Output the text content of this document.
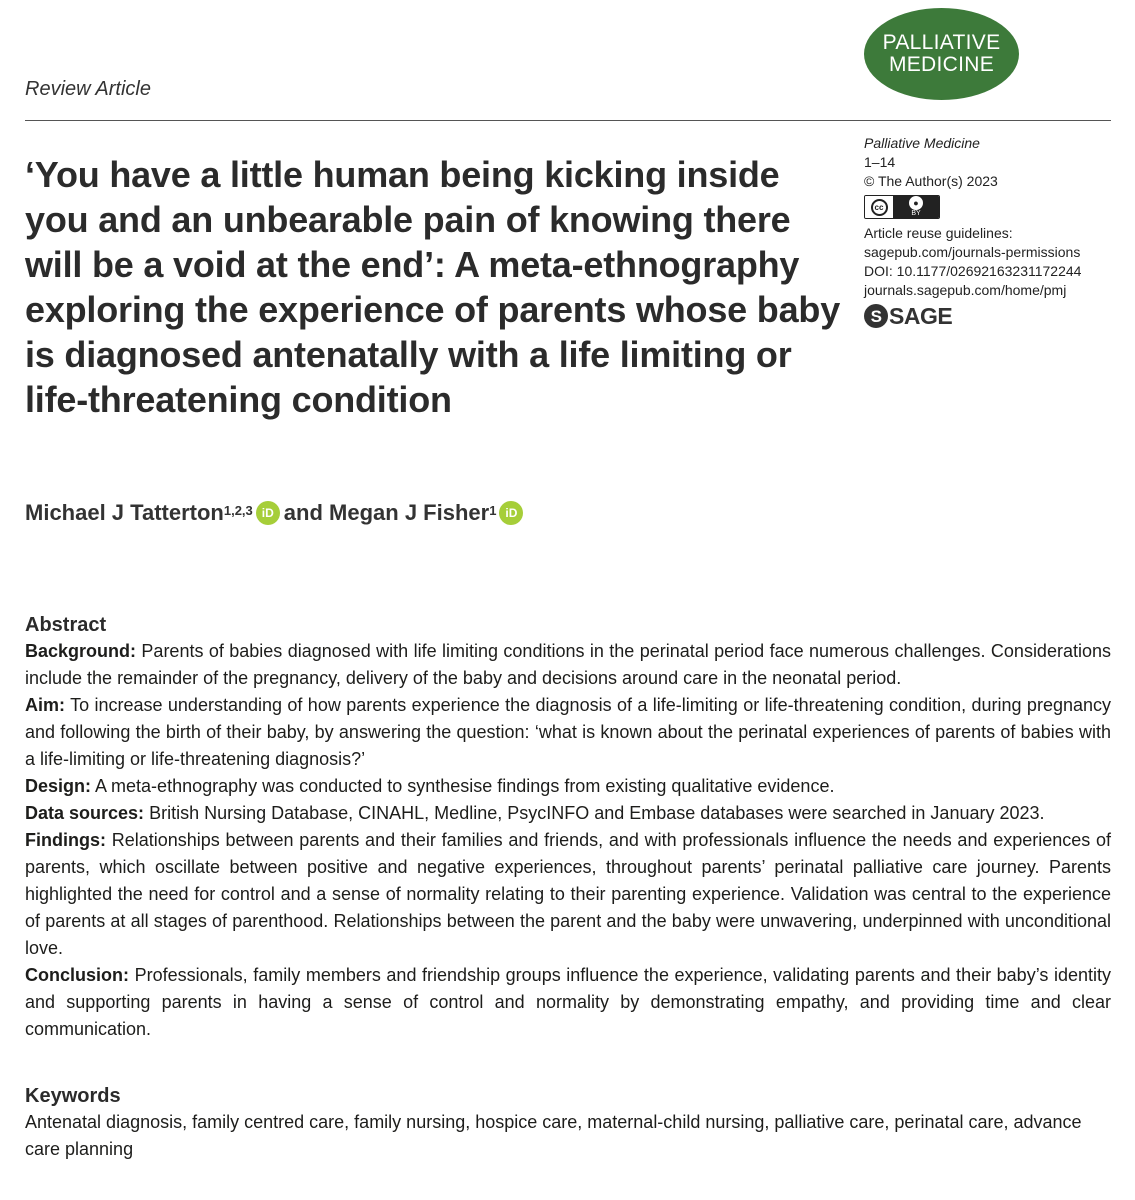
Review Article
PALLIATIVE
MEDICINE
‘You have a little human being kicking inside you and an unbearable pain of knowing there will be a void at the end’: A meta-ethnography exploring the experience of parents whose baby is diagnosed antenatally with a life limiting or life-threatening condition
Palliative Medicine
1–14
© The Author(s) 2023
cc	●
BY
Article reuse guidelines:
sagepub.com/journals-permissions
DOI: 10.1177/02692163231172244
journals.sagepub.com/home/pmj
S SAGE
Michael J Tatterton$^{1,2,3}$ iD and
Megan J Fisher$^1$ iD
Abstract

Background: Parents of babies diagnosed with life limiting conditions in the perinatal period face numerous challenges. Considerations include the remainder of the pregnancy, delivery of the baby and decisions around care in the neonatal period.

Aim: To increase understanding of how parents experience the diagnosis of a life-limiting or life-threatening condition, during pregnancy and following the birth of their baby, by answering the question: ‘what is known about the perinatal experiences of parents of babies with a life-limiting or life-threatening diagnosis?’

Design: A meta-ethnography was conducted to synthesise findings from existing qualitative evidence.

Data sources: British Nursing Database, CINAHL, Medline, PsycINFO and Embase databases were searched in January 2023.

Findings: Relationships between parents and their families and friends, and with professionals influence the needs and experiences of parents, which oscillate between positive and negative experiences, throughout parents’ perinatal palliative care journey. Parents highlighted the need for control and a sense of normality relating to their parenting experience. Validation was central to the experience of parents at all stages of parenthood. Relationships between the parent and the baby were unwavering, underpinned with unconditional love.

Conclusion: Professionals, family members and friendship groups influence the experience, validating parents and their baby’s identity and supporting parents in having a sense of control and normality by demonstrating empathy, and providing time and clear communication.

Keywords

Antenatal diagnosis, family centred care, family nursing, hospice care, maternal-child nursing, palliative care, perinatal care, advance care planning
